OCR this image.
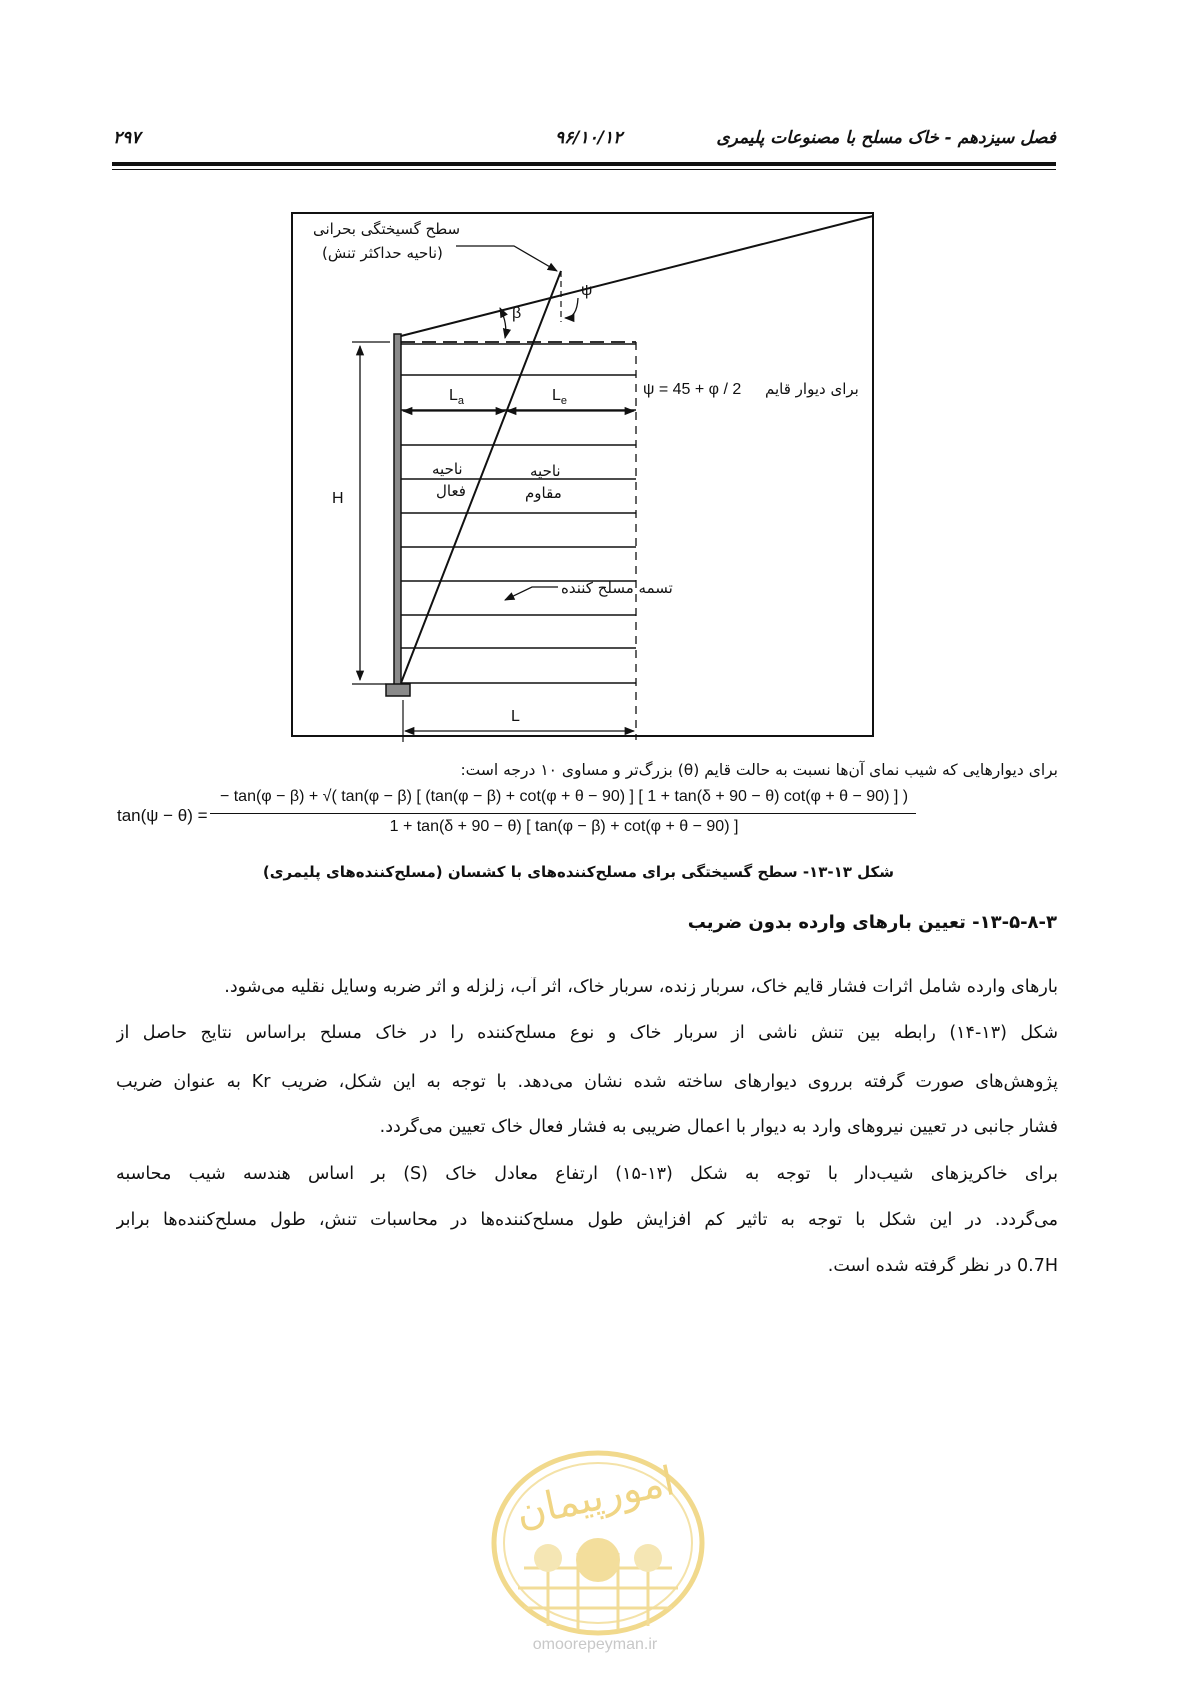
۲۹۷	۹۶/۱۰/۱۲	فصل سیزدهم - خاک مسلح با مصنوعات پلیمری
سطح گسیختگی بحرانی
(ناحیه حداکثر تنش)
ψ
β
$L_a$	$L_e$
ψ = 45 + φ / 2 برای دیوار قایم
ناحیه
فعال
ناحیه
مقاوم
تسمه مسلح کننده
H
L
برای دیوارهایی که شیب نمای آن‌ها نسبت به حالت قایم (θ) بزرگ‌تر و مساوی ۱۰ درجه است:
tan(ψ − θ) =
− tan(φ − β) + √( tan(φ − β) [ (tan(φ − β) + cot(φ + θ − 90) ] [ 1 + tan(δ + 90 − θ) cot(φ + θ − 90) ] )
1 + tan(δ + 90 − θ) [ tan(φ − β) + cot(φ + θ − 90) ]
شکل ۱۳-۱۳- سطح گسیختگی برای مسلح‌کننده‌های با کشسان (مسلح‌کننده‌های پلیمری)
۱۳-۵-۸-۳- تعیین بارهای وارده بدون ضریب
بارهای وارده شامل اثرات فشار قایم خاک، سربار زنده، سربار خاک، اثر آب، زلزله و اثر ضربه وسایل نقلیه می‌شود.
شکل (۱۳-۱۴) رابطه بین تنش ناشی از سربار خاک و نوع مسلح‌کننده را در خاک مسلح براساس نتایج حاصل از
پژوهش‌های صورت گرفته برروی دیوارهای ساخته شده نشان می‌دهد. با توجه به این شکل، ضریب Kr به عنوان ضریب
فشار جانبی در تعیین نیروهای وارد به دیوار با اعمال ضریبی به فشار فعال خاک تعیین می‌گردد.
برای خاکریزهای شیب‌دار با توجه به شکل (۱۳-۱۵) ارتفاع معادل خاک (S) بر اساس هندسه شیب محاسبه
می‌گردد. در این شکل با توجه به تاثیر کم افزایش طول مسلح‌کننده‌ها در محاسبات تنش، طول مسلح‌کننده‌ها برابر
0.7H در نظر گرفته شده است.
امورپیمان
omoorepeyman.ir
